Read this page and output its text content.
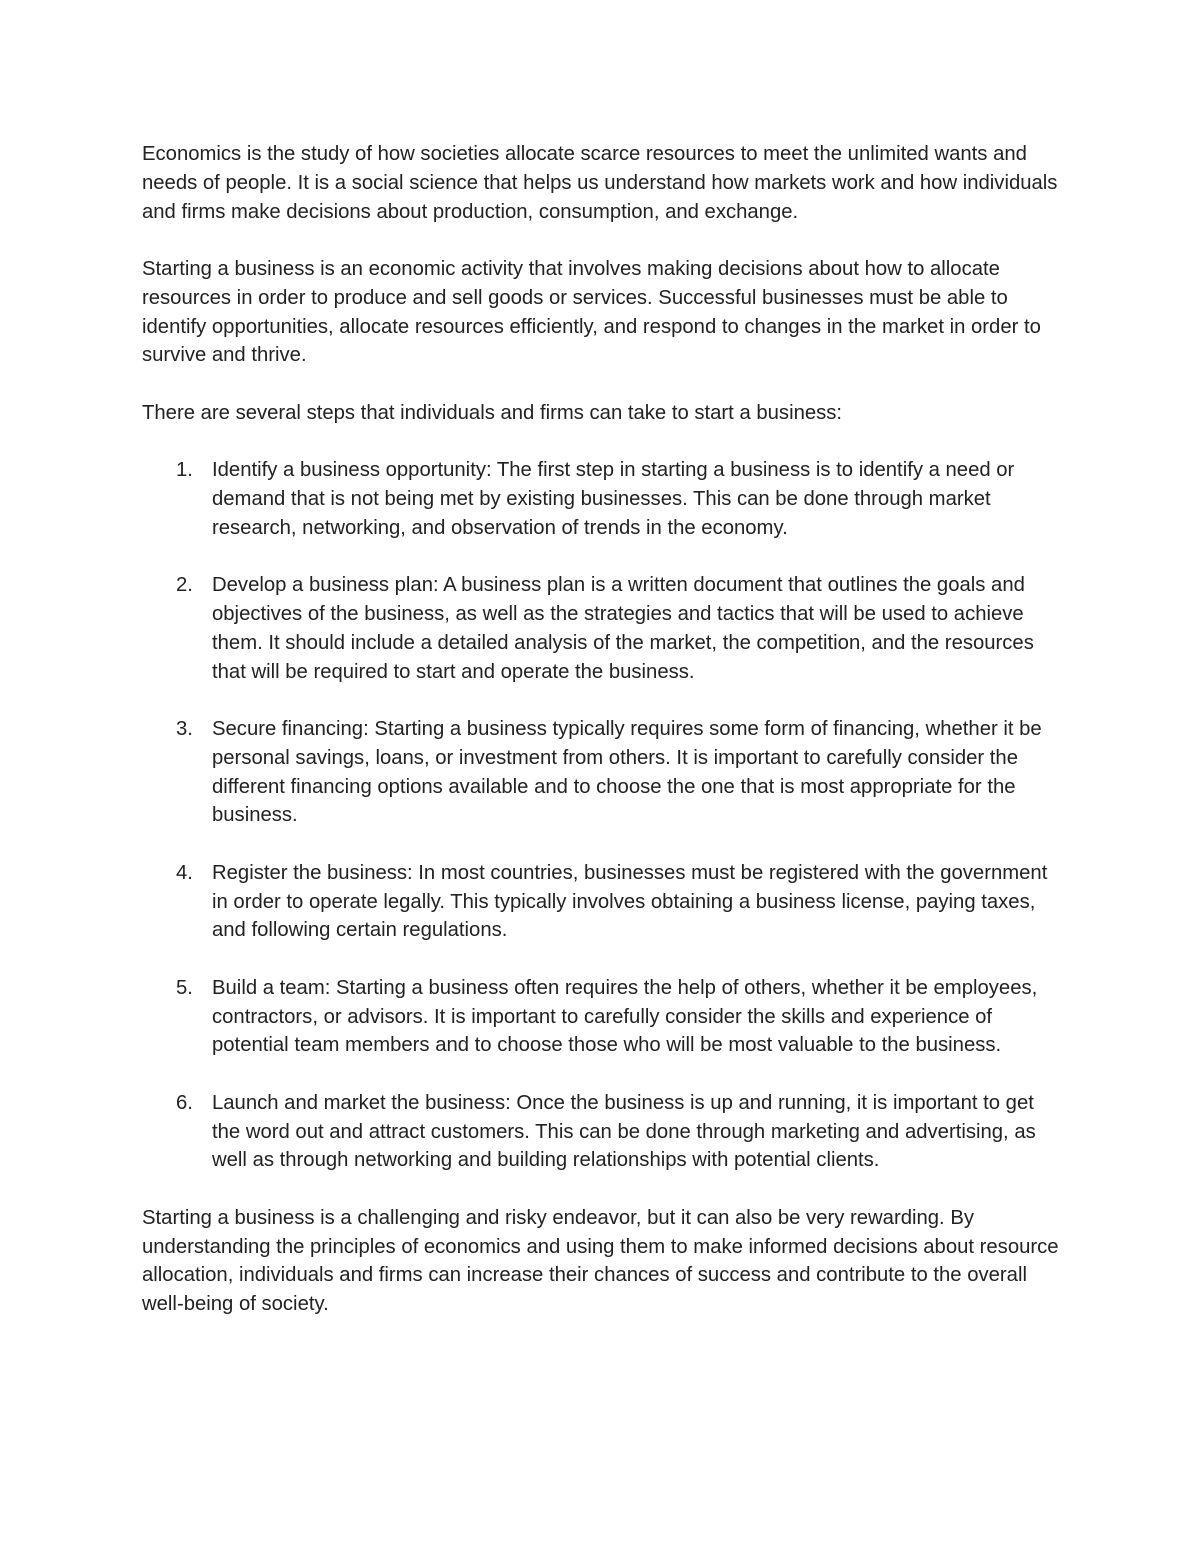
Economics is the study of how societies allocate scarce resources to meet the unlimited wants and needs of people. It is a social science that helps us understand how markets work and how individuals and firms make decisions about production, consumption, and exchange.

Starting a business is an economic activity that involves making decisions about how to allocate resources in order to produce and sell goods or services. Successful businesses must be able to identify opportunities, allocate resources efficiently, and respond to changes in the market in order to survive and thrive.

There are several steps that individuals and firms can take to start a business:

1. Identify a business opportunity: The first step in starting a business is to identify a need or demand that is not being met by existing businesses. This can be done through market research, networking, and observation of trends in the economy.
2. Develop a business plan: A business plan is a written document that outlines the goals and objectives of the business, as well as the strategies and tactics that will be used to achieve them. It should include a detailed analysis of the market, the competition, and the resources that will be required to start and operate the business.
3. Secure financing: Starting a business typically requires some form of financing, whether it be personal savings, loans, or investment from others. It is important to carefully consider the different financing options available and to choose the one that is most appropriate for the business.
4. Register the business: In most countries, businesses must be registered with the government in order to operate legally. This typically involves obtaining a business license, paying taxes, and following certain regulations.
5. Build a team: Starting a business often requires the help of others, whether it be employees, contractors, or advisors. It is important to carefully consider the skills and experience of potential team members and to choose those who will be most valuable to the business.
6. Launch and market the business: Once the business is up and running, it is important to get the word out and attract customers. This can be done through marketing and advertising, as well as through networking and building relationships with potential clients.

Starting a business is a challenging and risky endeavor, but it can also be very rewarding. By understanding the principles of economics and using them to make informed decisions about resource allocation, individuals and firms can increase their chances of success and contribute to the overall well-being of society.
